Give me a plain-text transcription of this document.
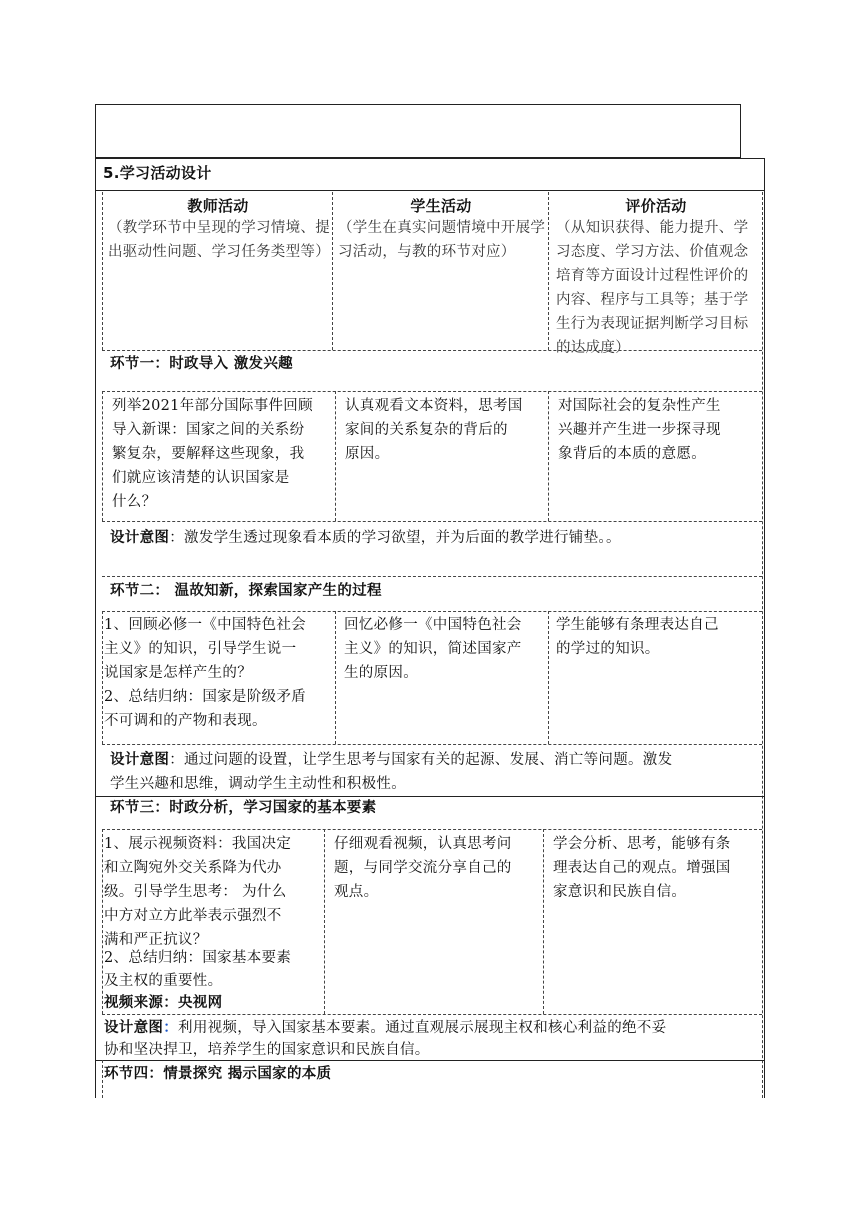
5.学习活动设计
教师活动
（教学环节中呈现的学习情境、提出驱动性问题、学习任务类型等）
学生活动
（学生在真实问题情境中开展学习活动，与教的环节对应）
评价活动
（从知识获得、能力提升、学习态度、学习方法、价值观念培育等方面设计过程性评价的内容、程序与工具等；基于学生行为表现证据判断学习目标的达成度）
环节一：时政导入 激发兴趣
列举2021年部分国际事件回顾
导入新课：国家之间的关系纷
繁复杂，要解释这些现象，我
们就应该清楚的认识国家是
什么？
认真观看文本资料，思考国
家间的关系复杂的背后的
原因。
对国际社会的复杂性产生
兴趣并产生进一步探寻现
象背后的本质的意愿。
设计意图：激发学生透过现象看本质的学习欲望，并为后面的教学进行铺垫。。
环节二： 温故知新，探索国家产生的过程
1、回顾必修一《中国特色社会
主义》的知识，引导学生说一
说国家是怎样产生的？
2、总结归纳：国家是阶级矛盾
不可调和的产物和表现。
回忆必修一《中国特色社会
主义》的知识，简述国家产
生的原因。
学生能够有条理表达自己
的学过的知识。
设计意图：通过问题的设置，让学生思考与国家有关的起源、发展、消亡等问题。激发
学生兴趣和思维，调动学生主动性和积极性。
环节三：时政分析，学习国家的基本要素
1、展示视频资料：我国决定
和立陶宛外交关系降为代办
级。引导学生思考： 为什么
中方对立方此举表示强烈不
满和严正抗议？
2、总结归纳：国家基本要素
及主权的重要性。
视频来源：央视网
仔细观看视频，认真思考问
题，与同学交流分享自己的
观点。
学会分析、思考，能够有条
理表达自己的观点。增强国
家意识和民族自信。
设计意图：利用视频，导入国家基本要素。通过直观展示展现主权和核心利益的绝不妥
协和坚决捍卫，培养学生的国家意识和民族自信。
环节四：情景探究 揭示国家的本质
